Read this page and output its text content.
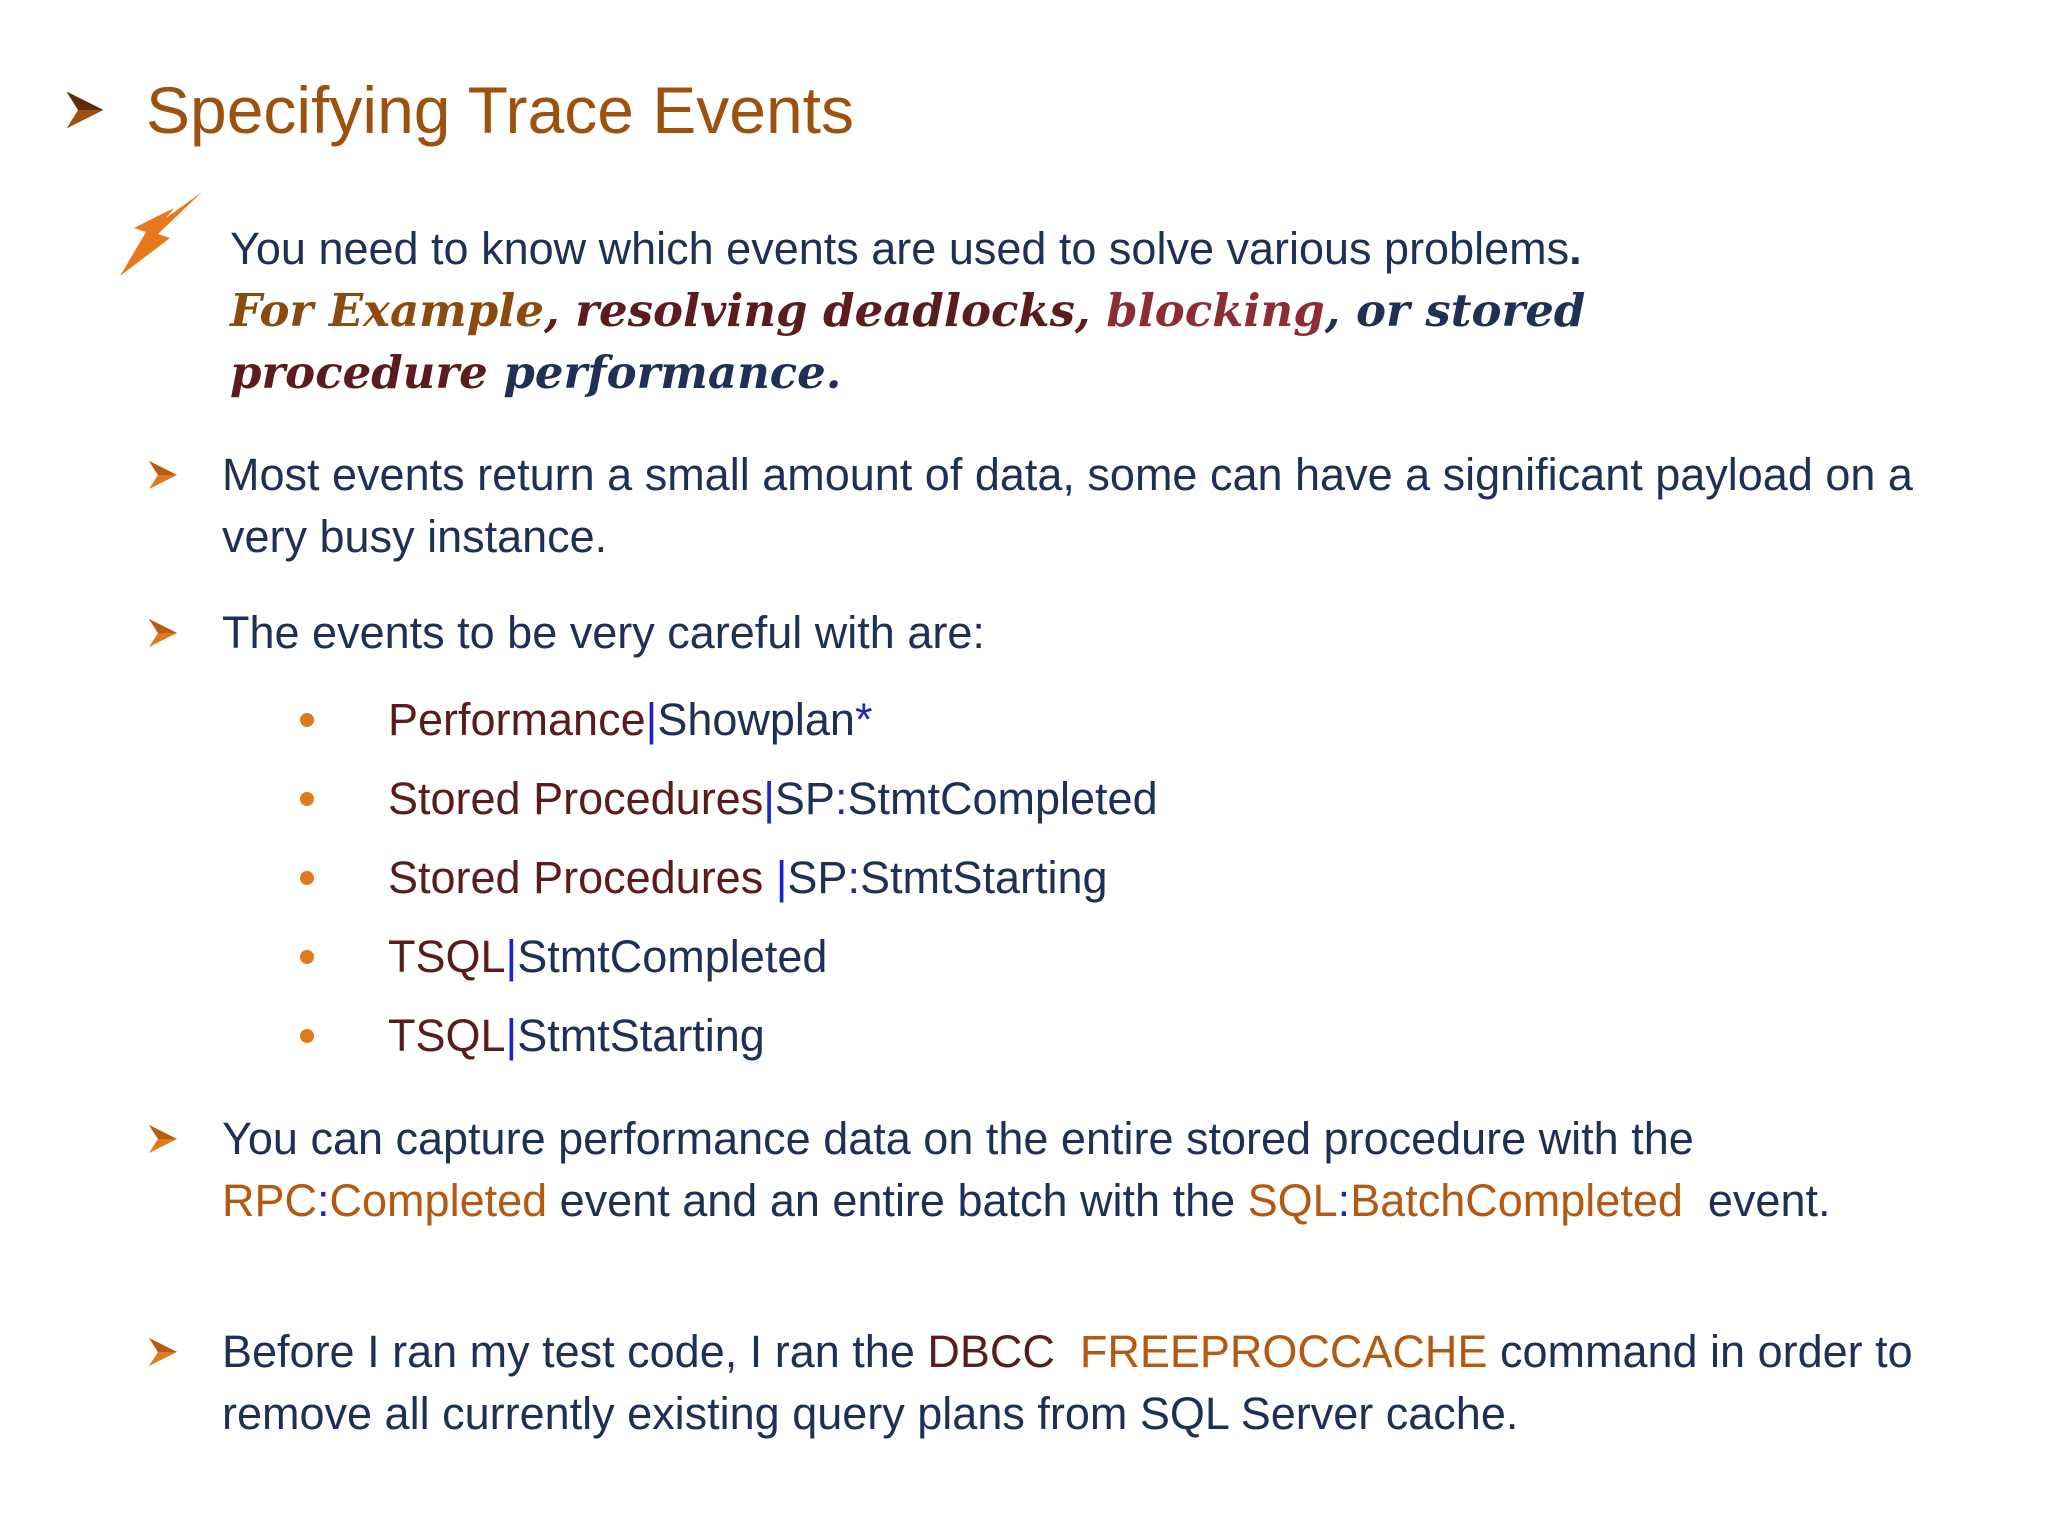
Specifying Trace Events
You need to know which events are used to solve various problems.
For Example, resolving deadlocks, blocking, or stored
procedure performance.
Most events return a small amount of data, some can have a significant payload on a very busy instance.
The events to be very careful with are:
Performance | Showplan *
Stored Procedures | SP : StmtCompleted
Stored Procedures | SP : StmtStarting
TSQL | StmtCompleted
TSQL | StmtStarting
You can capture performance data on the entire stored procedure with the RPC:Completed event and an entire batch with the SQL:BatchCompleted  event.
Before I ran my test code, I ran the DBCC FREEPROCCACHE command in order to remove all currently existing query plans from SQL Server cache.
